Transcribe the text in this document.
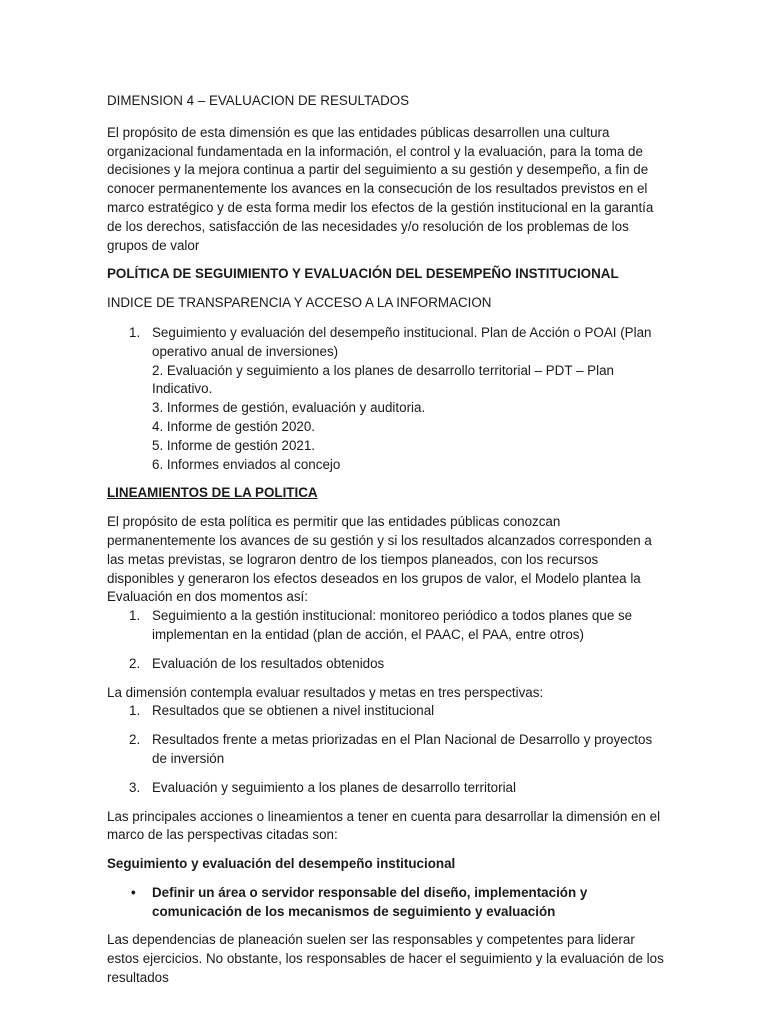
DIMENSION 4 – EVALUACION DE RESULTADOS

El propósito de esta dimensión es que las entidades públicas desarrollen una cultura organizacional fundamentada en la información, el control y la evaluación, para la toma de decisiones y la mejora continua a partir del seguimiento a su gestión y desempeño, a fin de conocer permanentemente los avances en la consecución de los resultados previstos en el marco estratégico y de esta forma medir los efectos de la gestión institucional en la garantía de los derechos, satisfacción de las necesidades y/o resolución de los problemas de los grupos de valor

POLÍTICA DE SEGUIMIENTO Y EVALUACIÓN DEL DESEMPEÑO INSTITUCIONAL

INDICE DE TRANSPARENCIA Y ACCESO A LA INFORMACION

1. Seguimiento y evaluación del desempeño institucional. Plan de Acción o POAI (Plan operativo anual de inversiones)
2. Evaluación y seguimiento a los planes de desarrollo territorial – PDT – Plan Indicativo.
3. Informes de gestión, evaluación y auditoria.
4. Informe de gestión 2020.
5. Informe de gestión 2021.
6. Informes enviados al concejo

LINEAMIENTOS DE LA POLITICA

El propósito de esta política es permitir que las entidades públicas conozcan permanentemente los avances de su gestión y si los resultados alcanzados corresponden a las metas previstas, se lograron dentro de los tiempos planeados, con los recursos disponibles y generaron los efectos deseados en los grupos de valor, el Modelo plantea la Evaluación en dos momentos así:

1. Seguimiento a la gestión institucional: monitoreo periódico a todos planes que se implementan en la entidad (plan de acción, el PAAC, el PAA, entre otros)
2. Evaluación de los resultados obtenidos

La dimensión contempla evaluar resultados y metas en tres perspectivas:

1. Resultados que se obtienen a nivel institucional
2. Resultados frente a metas priorizadas en el Plan Nacional de Desarrollo y proyectos de inversión
3. Evaluación y seguimiento a los planes de desarrollo territorial

Las principales acciones o lineamientos a tener en cuenta para desarrollar la dimensión en el marco de las perspectivas citadas son:

Seguimiento y evaluación del desempeño institucional

• Definir un área o servidor responsable del diseño, implementación y comunicación de los mecanismos de seguimiento y evaluación

Las dependencias de planeación suelen ser las responsables y competentes para liderar estos ejercicios. No obstante, los responsables de hacer el seguimiento y la evaluación de los resultados
